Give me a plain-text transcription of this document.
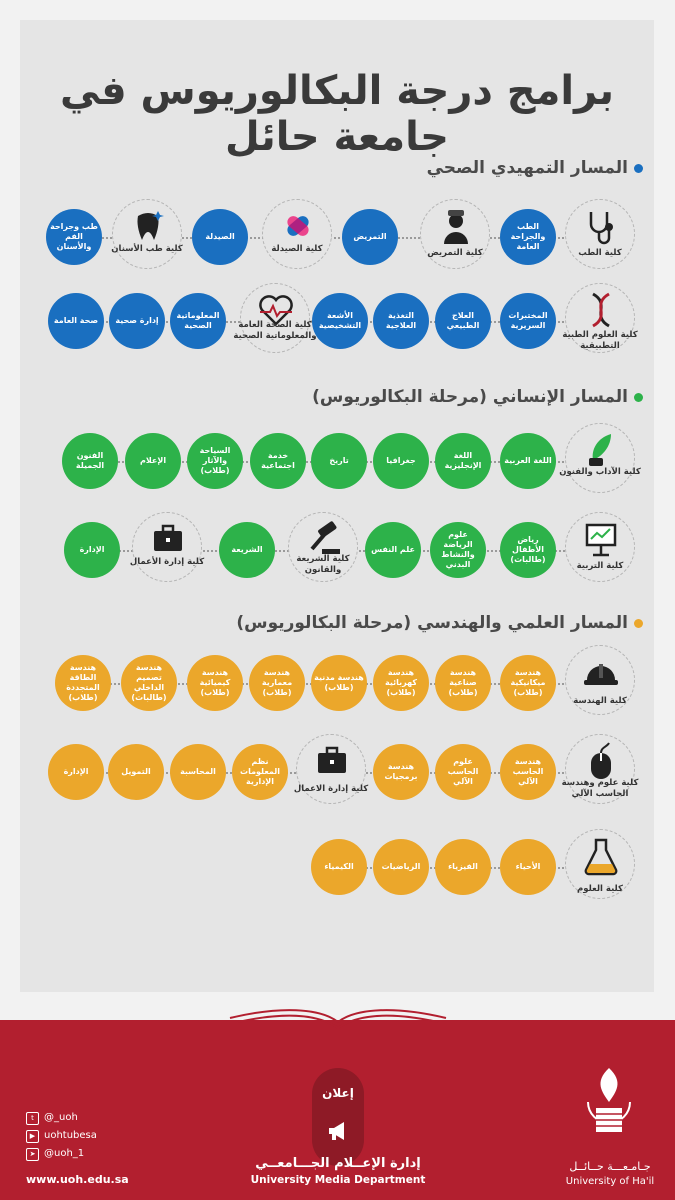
برامج درجة البكالوريوس في جامعة حائل
المسار التمهيدي الصحي
كلية الطب
الطب والجراحة العامة
كلية التمريض
التمريض
كلية الصيدلة
الصيدلة
كلية طب الأسنان
طب وجراحة الفم والأسنان
كلية العلوم الطبية التطبيقية
المختبرات السريرية
العلاج الطبيعي
التغذية العلاجية
الأشعة التشخيصية
كلية الصحة العامة والمعلوماتية الصحية
المعلوماتية الصحية
إدارة صحية
صحة العامة
المسار الإنساني (مرحلة البكالوريوس)
كلية الآداب والفنون
اللغة العربية
اللغة الإنجليزية
جغرافيا
تاريخ
خدمة اجتماعية
السياحة والآثار (طلاب)
الإعلام
الفنون الجميلة
كلية التربية
رياض الأطفال (طالبات)
علوم الرياضة والنشاط البدني
علم النفس
كلية الشريعة والقانون
الشريعة
كلية إدارة الأعمال
الإدارة
المسار العلمي والهندسي (مرحلة البكالوريوس)
كلية الهندسة
هندسة ميكانيكية (طلاب)
هندسة صناعية (طلاب)
هندسة كهربائية (طلاب)
هندسة مدنية (طلاب)
هندسة معمارية (طلاب)
هندسة كيميائية (طلاب)
هندسة تصميم الداخلي (طالبات)
هندسة الطاقة المتجددة (طلاب)
كلية علوم وهندسة الحاسب الآلي
هندسة الحاسب الآلي
علوم الحاسب الآلي
هندسة برمجيات
كلية إدارة الاعمال
نظم المعلومات الإدارية
المحاسبة
التمويل
الإدارة
كلية العلوم
الأحياء
الفيزياء
الرياضيات
الكيمياء
إعلان
إدارة الإعــلام الجـــامعــي
University Media Department
جـامـعـــة حــائــل
University of Ha'il
t @_uoh
▶ uohtubesa
➤ @uoh_1
www.uoh.edu.sa
